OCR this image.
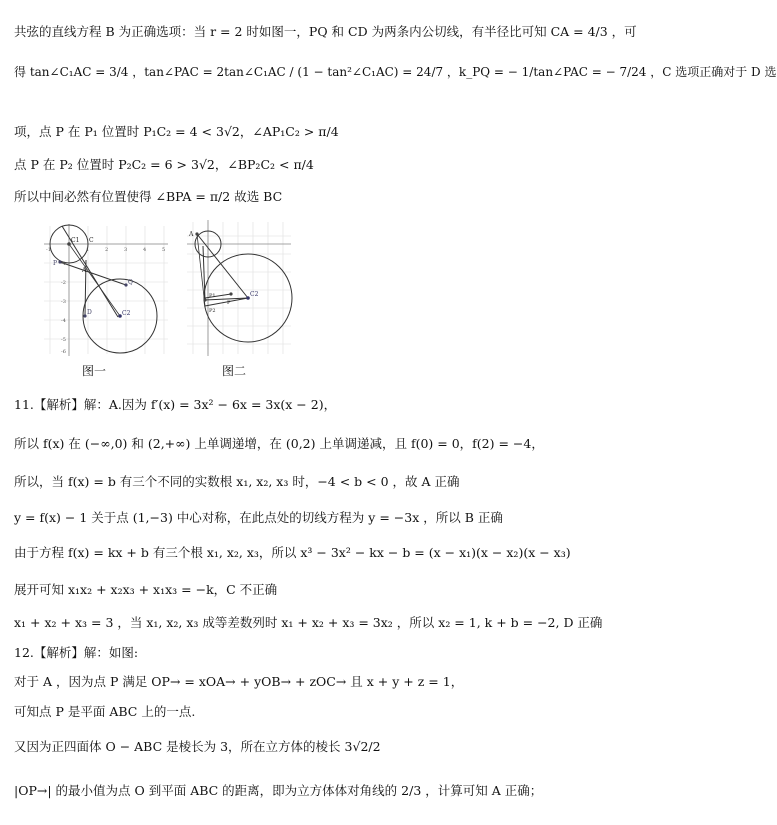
共弦的直线方程 B 为正确选项：当 r = 2 时如图一，PQ 和 CD 为两条内公切线，有半径比可知 CA = 4/3 ，可
得 tan∠C₁AC = 3/4 ，tan∠PAC = 2tan∠C₁AC / (1 − tan²∠C₁AC) = 24/7 ，k_PQ = − 1/tan∠PAC = − 7/24 ，C 选项正确对于 D 选
项，点 P 在 P₁ 位置时 P₁C₂ = 4 < 3√2，∠AP₁C₂ > π/4
点 P 在 P₂ 位置时 P₂C₂ = 6 > 3√2，∠BP₂C₂ < π/4
所以中间必然有位置使得 ∠BPA = π/2 故选 BC
C1 C
A
P
Q
D	C2
-1	1	2	3	4	5
-1
-2
-3
-4
-5
-6
图一
A
P1
P2
P
C2
图二
11.【解析】解：A.因为 f′(x) = 3x² − 6x = 3x(x − 2)，
所以 f(x) 在 (−∞,0) 和 (2,+∞) 上单调递增，在 (0,2) 上单调递减，且 f(0) = 0，f(2) = −4，
所以，当 f(x) = b 有三个不同的实数根 x₁, x₂, x₃ 时，−4 < b < 0 ，故 A 正确
y = f(x) − 1 关于点 (1,−3) 中心对称，在此点处的切线方程为 y = −3x ，所以 B 正确
由于方程 f(x) = kx + b 有三个根 x₁, x₂, x₃，所以 x³ − 3x² − kx − b = (x − x₁)(x − x₂)(x − x₃)
展开可知 x₁x₂ + x₂x₃ + x₁x₃ = −k，C 不正确
x₁ + x₂ + x₃ = 3 ，当 x₁, x₂, x₃ 成等差数列时 x₁ + x₂ + x₃ = 3x₂ ，所以 x₂ = 1, k + b = −2, D 正确
12.【解析】解：如图:
对于 A ，因为点 P 满足 OP→ = xOA→ + yOB→ + zOC→ 且 x + y + z = 1，
可知点 P 是平面 ABC 上的一点.
又因为正四面体 O − ABC 是棱长为 3，所在立方体的棱长 3√2/2
|OP→| 的最小值为点 O 到平面 ABC 的距离，即为立方体体对角线的 2/3 ，计算可知 A 正确；
